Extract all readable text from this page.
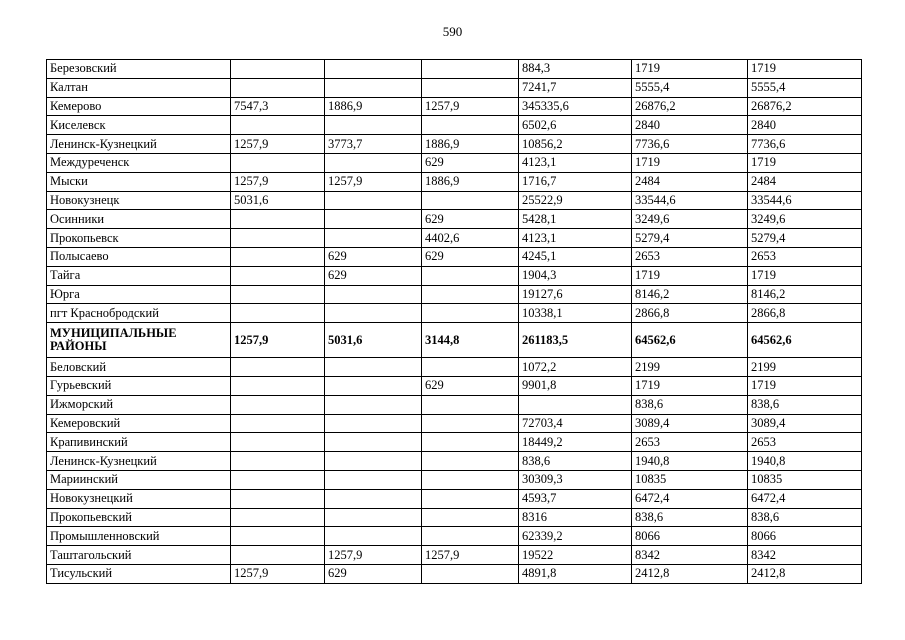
590
Березовский				884,3	1719	1719
Калтан				7241,7	5555,4	5555,4
Кемерово	7547,3	1886,9	1257,9	345335,6	26876,2	26876,2
Киселевск				6502,6	2840	2840
Ленинск-Кузнецкий	1257,9	3773,7	1886,9	10856,2	7736,6	7736,6
Междуреченск			629	4123,1	1719	1719
Мыски	1257,9	1257,9	1886,9	1716,7	2484	2484
Новокузнецк	5031,6			25522,9	33544,6	33544,6
Осинники			629	5428,1	3249,6	3249,6
Прокопьевск			4402,6	4123,1	5279,4	5279,4
Полысаево		629	629	4245,1	2653	2653
Тайга		629		1904,3	1719	1719
Юрга				19127,6	8146,2	8146,2
пгт Краснобродский				10338,1	2866,8	2866,8
МУНИЦИПАЛЬНЫЕ РАЙОНЫ	1257,9	5031,6	3144,8	261183,5	64562,6	64562,6
Беловский				1072,2	2199	2199
Гурьевский			629	9901,8	1719	1719
Ижморский					838,6	838,6
Кемеровский				72703,4	3089,4	3089,4
Крапивинский				18449,2	2653	2653
Ленинск-Кузнецкий				838,6	1940,8	1940,8
Мариинский				30309,3	10835	10835
Новокузнецкий				4593,7	6472,4	6472,4
Прокопьевский				8316	838,6	838,6
Промышленновский				62339,2	8066	8066
Таштагольский		1257,9	1257,9	19522	8342	8342
Тисульский	1257,9	629		4891,8	2412,8	2412,8
